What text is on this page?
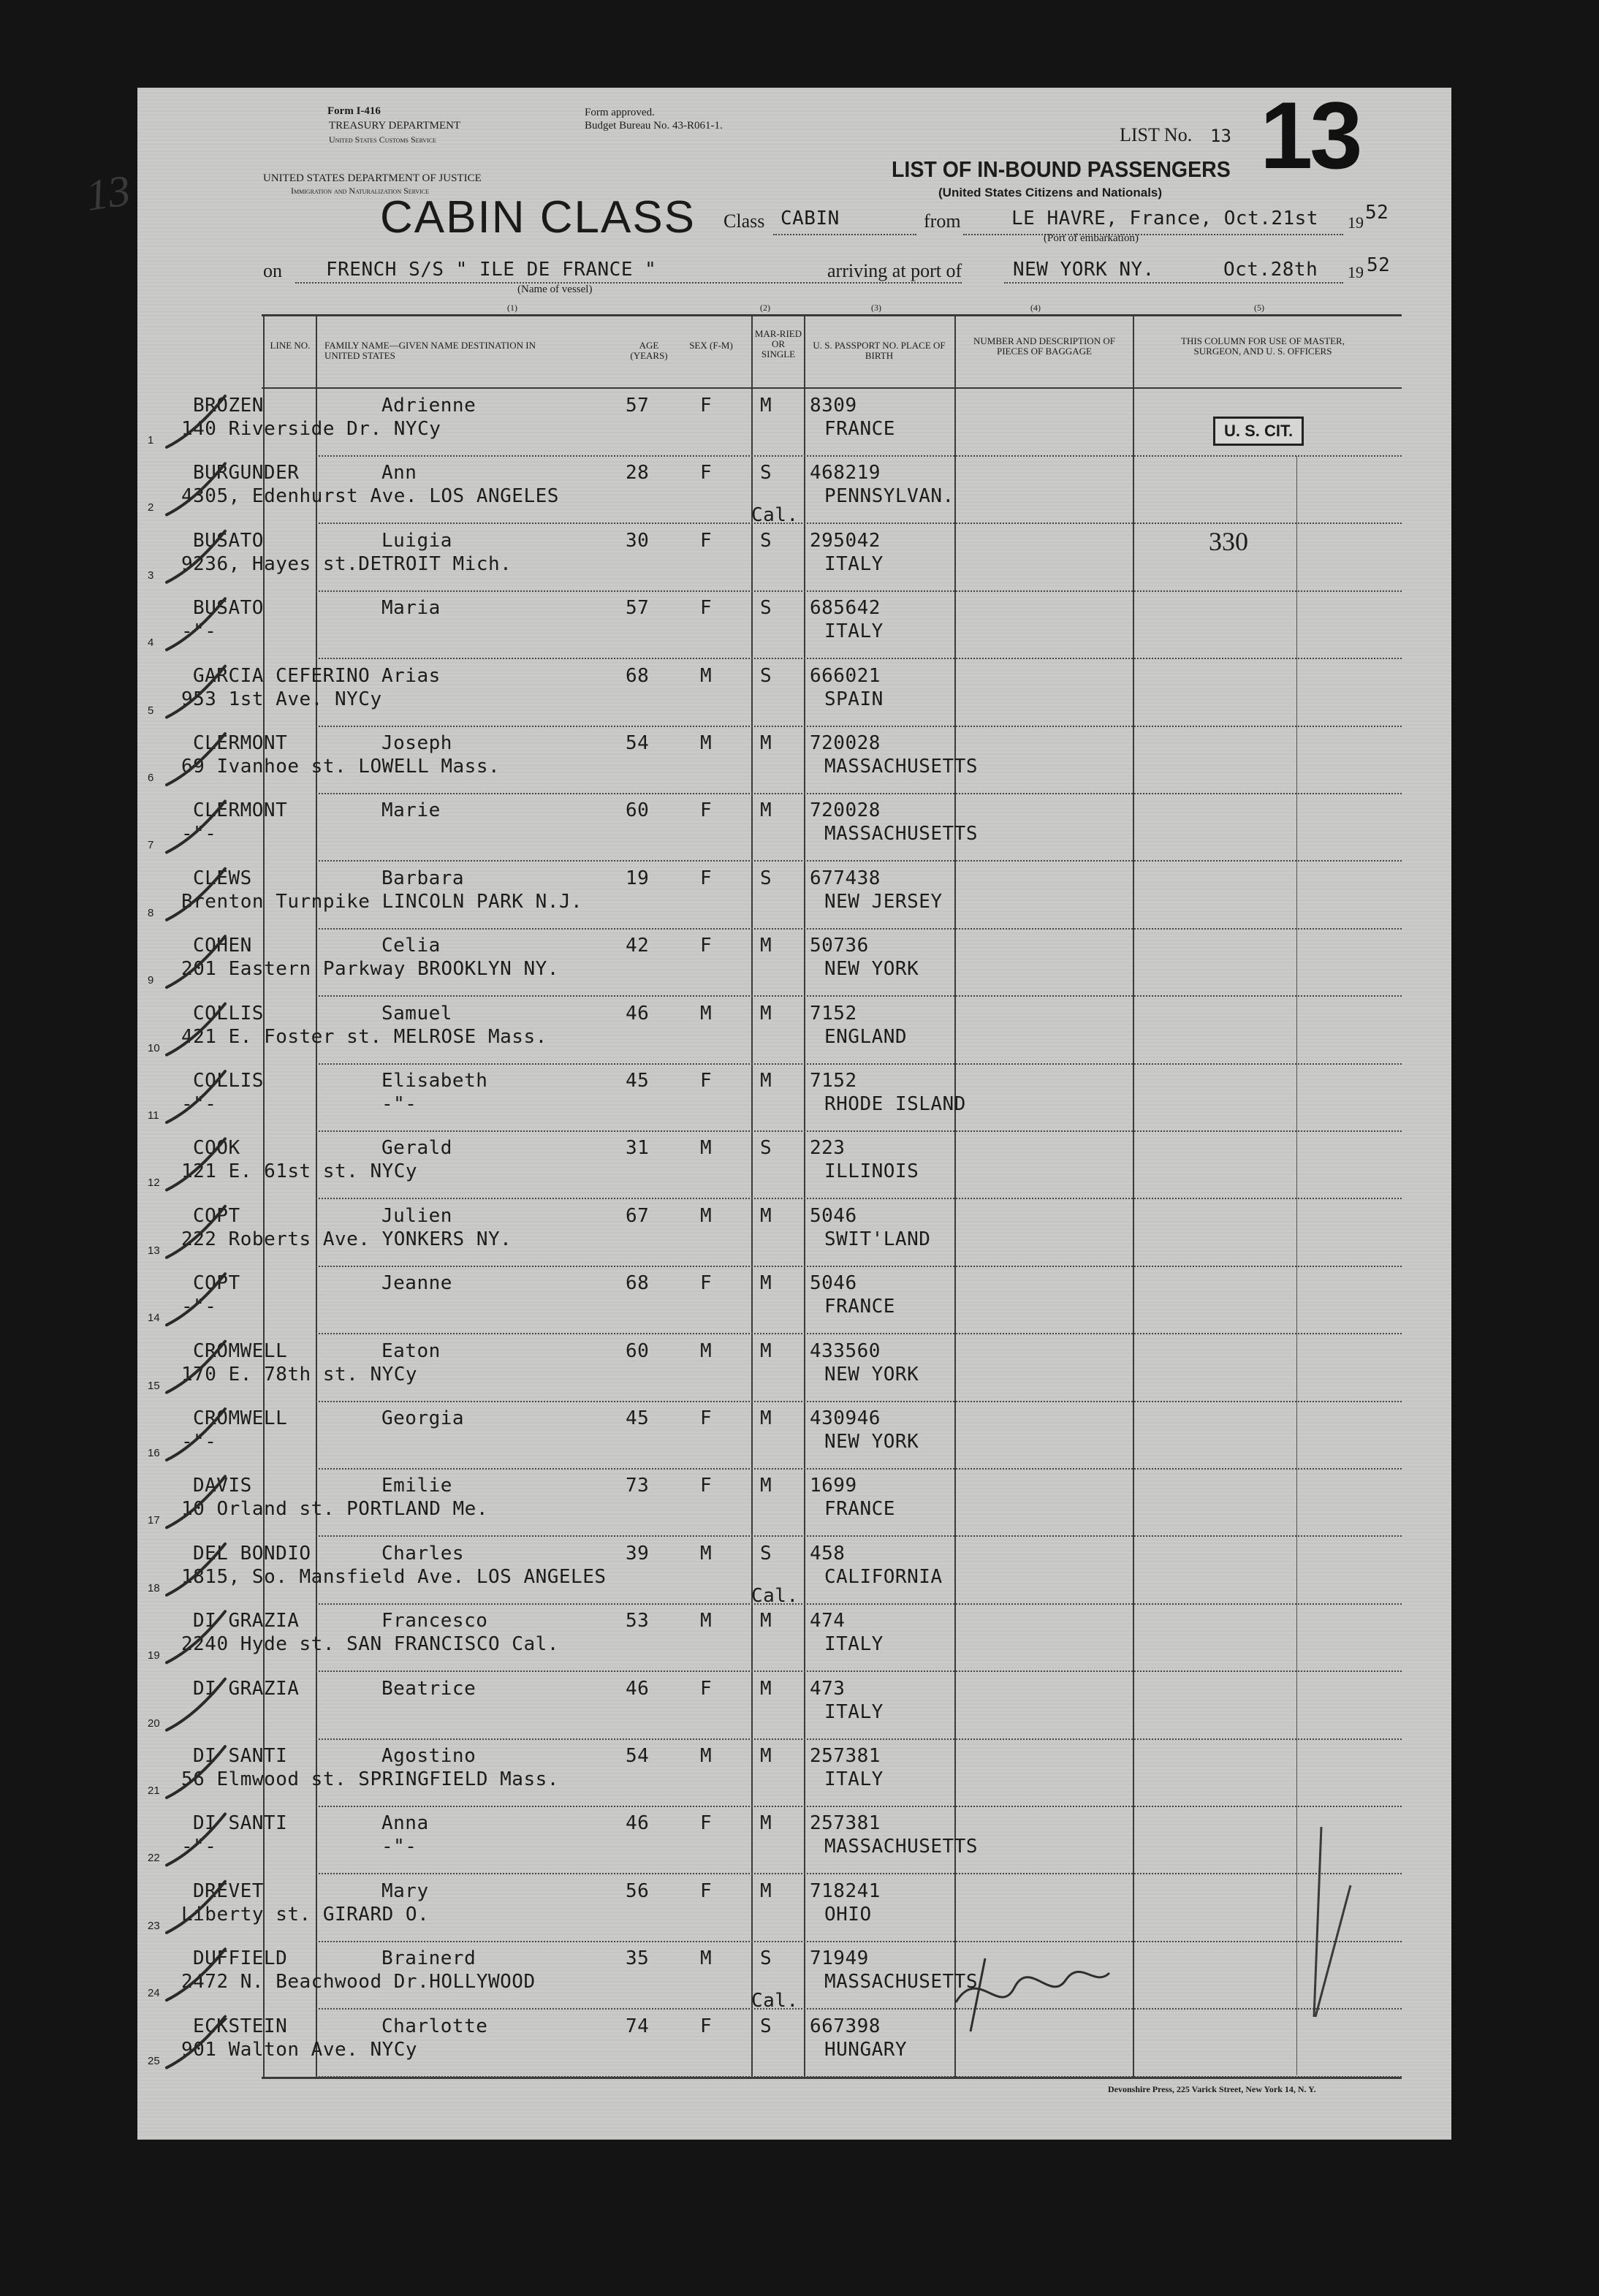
13
Form I-416
TREASURY DEPARTMENT
United States Customs Service
Form approved.
Budget Bureau No. 43-R061-1.
UNITED STATES DEPARTMENT OF JUSTICE
Immigration and Naturalization Service
CABIN CLASS
LIST No. 13 13
LIST OF IN-BOUND PASSENGERS
(United States Citizens and Nationals)
Class CABIN	from	LE HAVRE, France, Oct.21st 19 52
(Port of embarkation)
on FRENCH S/S " ILE DE FRANCE "
(Name of vessel)
arriving at port of	NEW YORK NY.	Oct.28th 19 52
(1)	(2)	(3)	(4)	(5)
LINE NO.	FAMILY NAME—GIVEN NAME DESTINATION IN UNITED STATES
AGE (YEARS)
SEX (F-M)
MAR-RIED OR SINGLE
U. S. PASSPORT NO. PLACE OF BIRTH
NUMBER AND DESCRIPTION OF PIECES OF BAGGAGE
THIS COLUMN FOR USE OF MASTER, SURGEON, AND U. S. OFFICERS
1
BROZEN	Adrienne	57	F	M 8309
140 Riverside Dr. NYCy	FRANCE
2
BURGUNDER	Ann	28	F	S 468219
4305, Edenhurst Ave. LOS ANGELES	PENNSYLVAN.
Cal.
3
BUSATO	Luigia	30	F	S 295042
9236, Hayes st.DETROIT Mich.	ITALY
4
BUSATO	Maria	57	F	S 685642
-"-	ITALY
5
GARCIA CEFERINO Arias	68	M	S 666021
953 1st Ave. NYCy	SPAIN
6
CLERMONT	Joseph	54	M	M 720028
69 Ivanhoe st. LOWELL Mass.	MASSACHUSETTS
7
CLERMONT	Marie	60	F	M 720028
-"-	MASSACHUSETTS
8
CLEWS	Barbara	19	F	S 677438
Brenton Turnpike LINCOLN PARK N.J.	NEW JERSEY
9
COHEN	Celia	42	F	M 50736
201 Eastern Parkway BROOKLYN NY.	NEW YORK
10
COLLIS	Samuel	46	M	M 7152
421 E. Foster st. MELROSE Mass.	ENGLAND
11
COLLIS	Elisabeth	45	F	M 7152
-"-	RHODE ISLAND
-"-
12
COOK	Gerald	31	M	S 223
121 E. 61st st. NYCy	ILLINOIS
13
COPT	Julien	67	M	M 5046
222 Roberts Ave. YONKERS NY.	SWIT'LAND
14
COPT	Jeanne	68	F	M 5046
-"-	FRANCE
15
CROMWELL	Eaton	60	M	M 433560
170 E. 78th st. NYCy	NEW YORK
16
CROMWELL	Georgia	45	F	M 430946
-"-	NEW YORK
17
DAVIS	Emilie	73	F	M 1699
10 Orland st. PORTLAND Me.	FRANCE
18
DEL BONDIO	Charles	39	M	S 458
1815, So. Mansfield Ave. LOS ANGELES	CALIFORNIA
Cal.
19
DI GRAZIA	Francesco	53	M	M 474
2240 Hyde st. SAN FRANCISCO Cal.	ITALY
20
DI GRAZIA	Beatrice	46	F	M 473
ITALY
21
DI SANTI	Agostino	54	M	M 257381
56 Elmwood st. SPRINGFIELD Mass.	ITALY
22
DI SANTI	Anna	46	F	M 257381
-"-	MASSACHUSETTS
-"-
23
DREVET	Mary	56	F	M 718241
Liberty st. GIRARD O.	OHIO
24
DUFFIELD	Brainerd	35	M	S 71949
2472 N. Beachwood Dr.HOLLYWOOD	MASSACHUSETTS
Cal.
25
ECKSTEIN	Charlotte	74	F	S 667398
901 Walton Ave. NYCy	HUNGARY
U. S. CIT.
330
Devonshire Press, 225 Varick Street, New York 14, N. Y.
